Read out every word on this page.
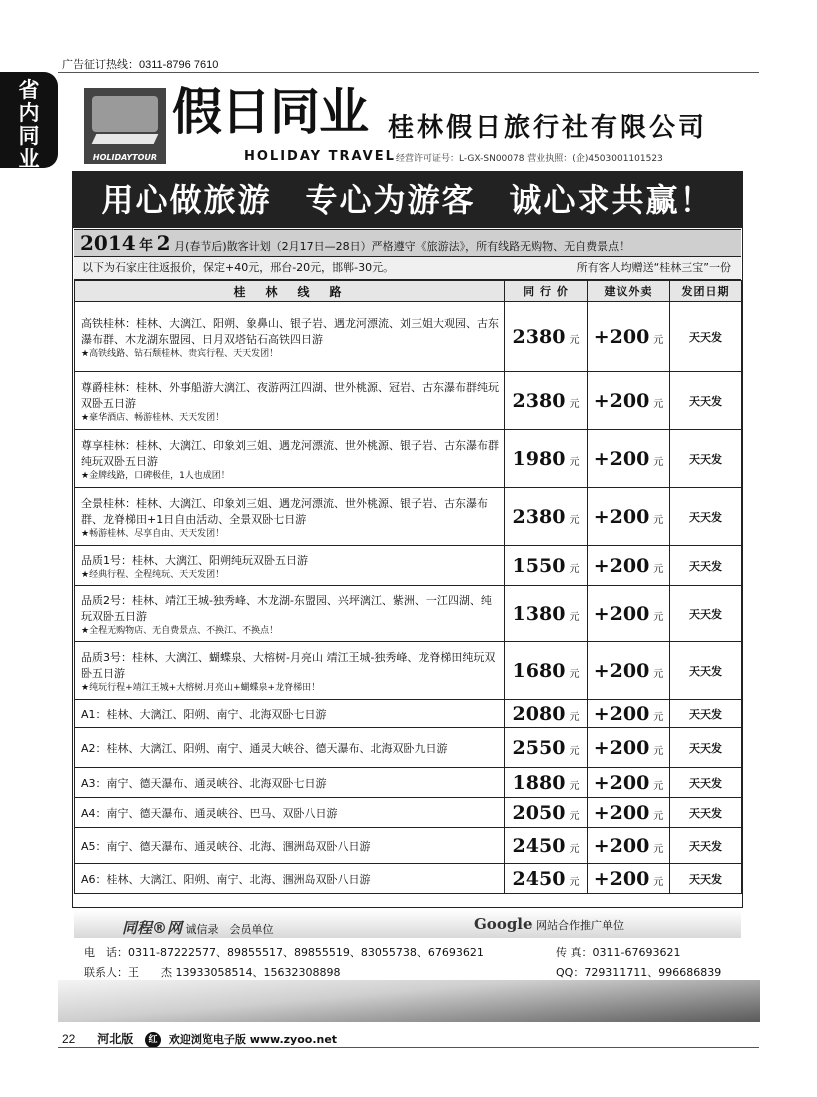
广告征订热线：0311-8796 7610
省
内
同
业	HOLIDAYTOUR
假日同业 桂林假日旅行社有限公司
HOLIDAY TRAVEL 经营许可证号：L-GX-SN00078 营业执照：(企)4503001101523
用心做旅游　专心为游客　诚心求共赢！
2014 年 2 月(春节后)散客计划（2月17日—28日）严格遵守《旅游法》，所有线路无购物、无自费景点！
以下为石家庄往返报价，保定+40元，邢台-20元，邯郸-30元。	所有客人均赠送“桂林三宝”一份
桂　林　线　路	同 行 价	建议外卖	发团日期
高铁桂林：桂林、大漓江、阳朔、象鼻山、银子岩、遇龙河漂流、刘三姐大观园、古东瀑布群、木龙湖东盟园、日月双塔钻石高铁四日游
★高铁线路、钻石颓桂林、贵宾行程、天天发团！	2380 元	+200 元	天天发
尊爵桂林：桂林、外事船游大漓江、夜游两江四湖、世外桃源、冠岩、古东瀑布群纯玩双卧五日游
★豪华酒店、畅游桂林、天天发团！	2380 元	+200 元	天天发
尊享桂林：桂林、大漓江、印象刘三姐、遇龙河漂流、世外桃源、银子岩、古东瀑布群纯玩双卧五日游
★金牌线路，口碑极佳，1人也成团！	1980 元	+200 元	天天发
全景桂林：桂林、大漓江、印象刘三姐、遇龙河漂流、世外桃源、银子岩、古东瀑布群、龙脊梯田+1日自由活动、全景双卧七日游
★畅游桂林、尽享自由、天天发团！	2380 元	+200 元	天天发
品质1号：桂林、大漓江、阳朔纯玩双卧五日游
★经典行程、全程纯玩、天天发团！	1550 元	+200 元	天天发
品质2号：桂林、靖江王城-独秀峰、木龙湖-东盟园、兴坪漓江、紫洲、一江四湖、纯玩双卧五日游
★全程无购物店、无自费景点、不换江、不换点！	1380 元	+200 元	天天发
品质3号：桂林、大漓江、蝴蝶泉、大榕树-月亮山 靖江王城-独秀峰、龙脊梯田纯玩双卧五日游
★纯玩行程+靖江王城+大榕树.月亮山+蝴蝶泉+龙脊梯田！	1680 元	+200 元	天天发
A1：桂林、大漓江、阳朔、南宁、北海双卧七日游	2080 元	+200 元	天天发
A2：桂林、大漓江、阳朔、南宁、通灵大峡谷、德天瀑布、北海双卧九日游	2550 元	+200 元	天天发
A3：南宁、德天瀑布、通灵峡谷、北海双卧七日游	1880 元	+200 元	天天发
A4：南宁、德天瀑布、通灵峡谷、巴马、双卧八日游	2050 元	+200 元	天天发
A5：南宁、德天瀑布、通灵峡谷、北海、涠洲岛双卧八日游	2450 元	+200 元	天天发
A6：桂林、大漓江、阳朔、南宁、北海、涠洲岛双卧八日游	2450 元	+200 元	天天发
同程®网 诚信录　会员单位	Google 网站合作推广单位
电　话：0311-87222577、89855517、89855519、83055738、67693621	传 真：0311-67693621
联系人：王　　杰 13933058514、15632308898	QQ：729311711、996686839
22 河北版 红 欢迎浏览电子版 www.zyoo.net
